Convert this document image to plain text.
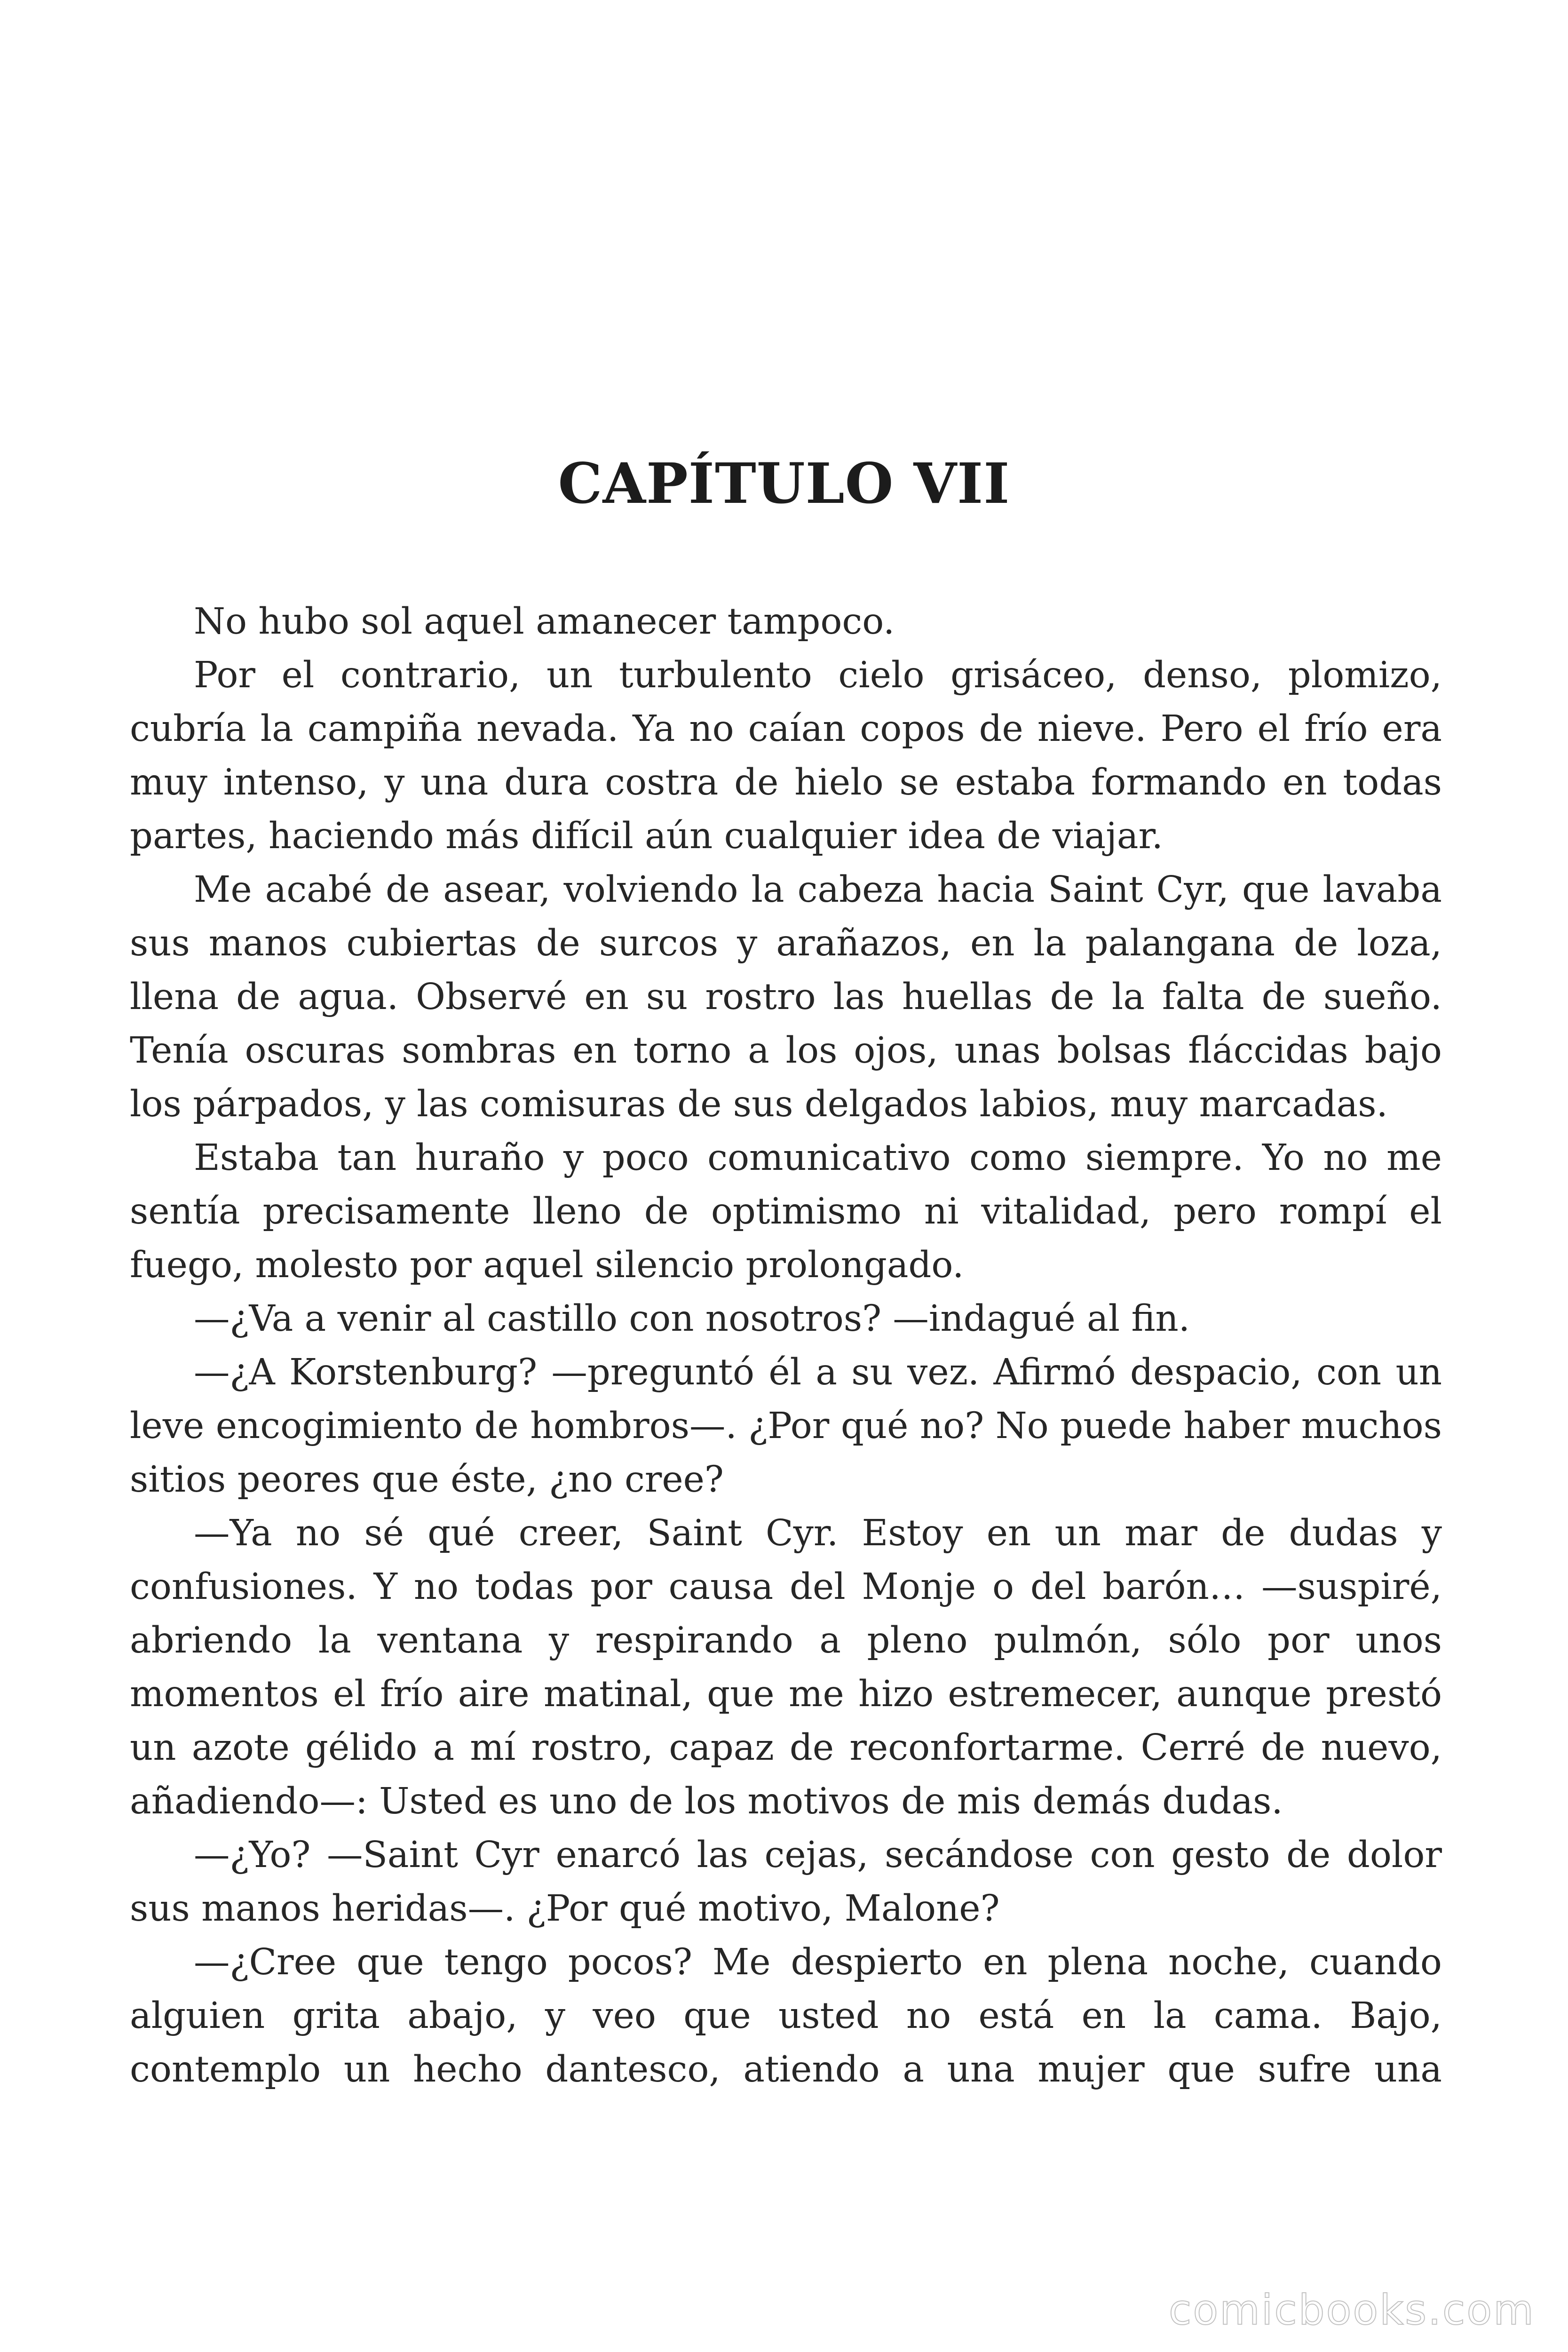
CAPÍTULO VII

No hubo sol aquel amanecer tampoco.

Por el contrario, un turbulento cielo grisáceo, denso, plomizo, cubría la campiña nevada. Ya no caían copos de nieve. Pero el frío era muy intenso, y una dura costra de hielo se estaba formando en todas partes, haciendo más difícil aún cualquier idea de viajar.

Me acabé de asear, volviendo la cabeza hacia Saint Cyr, que lavaba sus manos cubiertas de surcos y arañazos, en la palangana de loza, llena de agua. Observé en su rostro las huellas de la falta de sueño. Tenía oscuras sombras en torno a los ojos, unas bolsas fláccidas bajo los párpados, y las comisuras de sus delgados labios, muy marcadas.

Estaba tan huraño y poco comunicativo como siempre. Yo no me sentía precisamente lleno de optimismo ni vitalidad, pero rompí el fuego, molesto por aquel silencio prolongado.

—¿Va a venir al castillo con nosotros? —indagué al fin.

—¿A Korstenburg? —preguntó él a su vez. Afirmó despacio, con un leve encogimiento de hombros—. ¿Por qué no? No puede haber muchos sitios peores que éste, ¿no cree?

—Ya no sé qué creer, Saint Cyr. Estoy en un mar de dudas y confusiones. Y no todas por causa del Monje o del barón… —suspiré, abriendo la ventana y respirando a pleno pulmón, sólo por unos momentos el frío aire matinal, que me hizo estremecer, aunque prestó un azote gélido a mí rostro, capaz de reconfortarme. Cerré de nuevo, añadiendo—: Usted es uno de los motivos de mis demás dudas.

—¿Yo? —Saint Cyr enarcó las cejas, secándose con gesto de dolor sus manos heridas—. ¿Por qué motivo, Malone?

—¿Cree que tengo pocos? Me despierto en plena noche, cuando alguien grita abajo, y veo que usted no está en la cama. Bajo, contemplo un hecho dantesco, atiendo a una mujer que sufre una

comicbooks.com
